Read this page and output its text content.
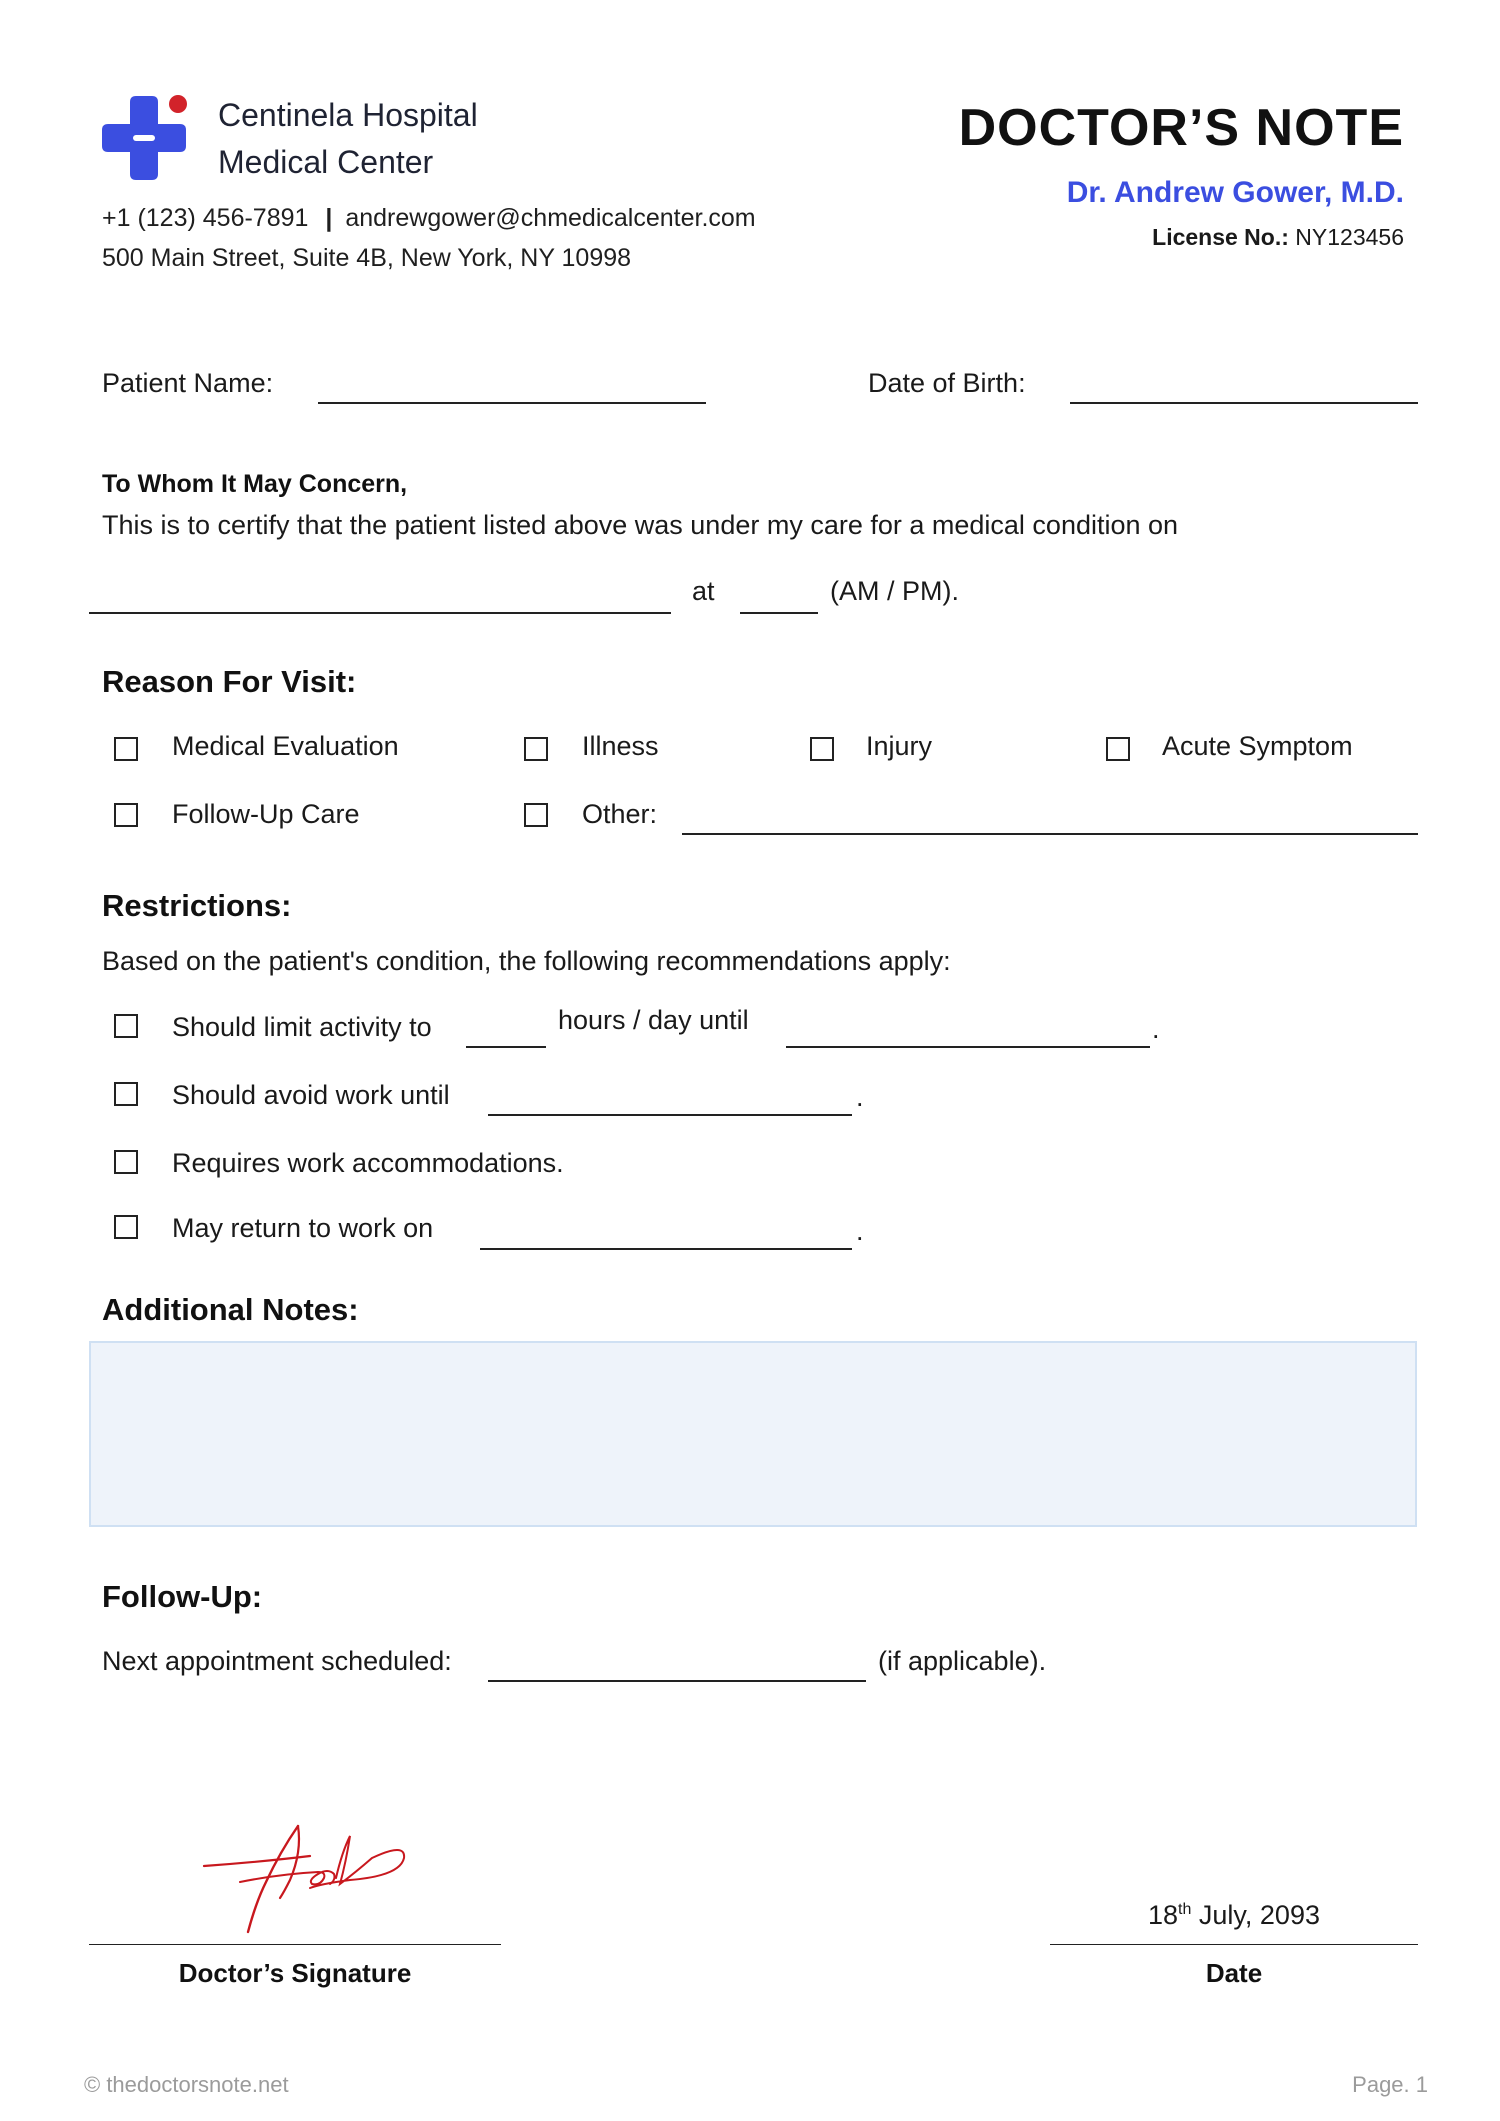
Centinela Hospital
Medical Center
+1 (123) 456-7891 | andrewgower@chmedicalcenter.com
500 Main Street, Suite 4B, New York, NY 10998
DOCTOR’S NOTE
Dr. Andrew Gower, M.D.
License No.: NY123456
Patient Name:	Date of Birth:
To Whom It May Concern,
This is to certify that the patient listed above was under my care for a medical condition on
at	(AM / PM).
Reason For Visit:
Medical Evaluation	Illness	Injury	Acute Symptom
Follow-Up Care	Other:
Restrictions:
Based on the patient's condition, the following recommendations apply:
Should limit activity to	hours / day until	.
Should avoid work until	.
Requires work accommodations.
May return to work on	.
Additional Notes:
Follow-Up:
Next appointment scheduled:	(if applicable).
Doctor’s Signature
18th July, 2093
Date
© thedoctorsnote.net	Page. 1
